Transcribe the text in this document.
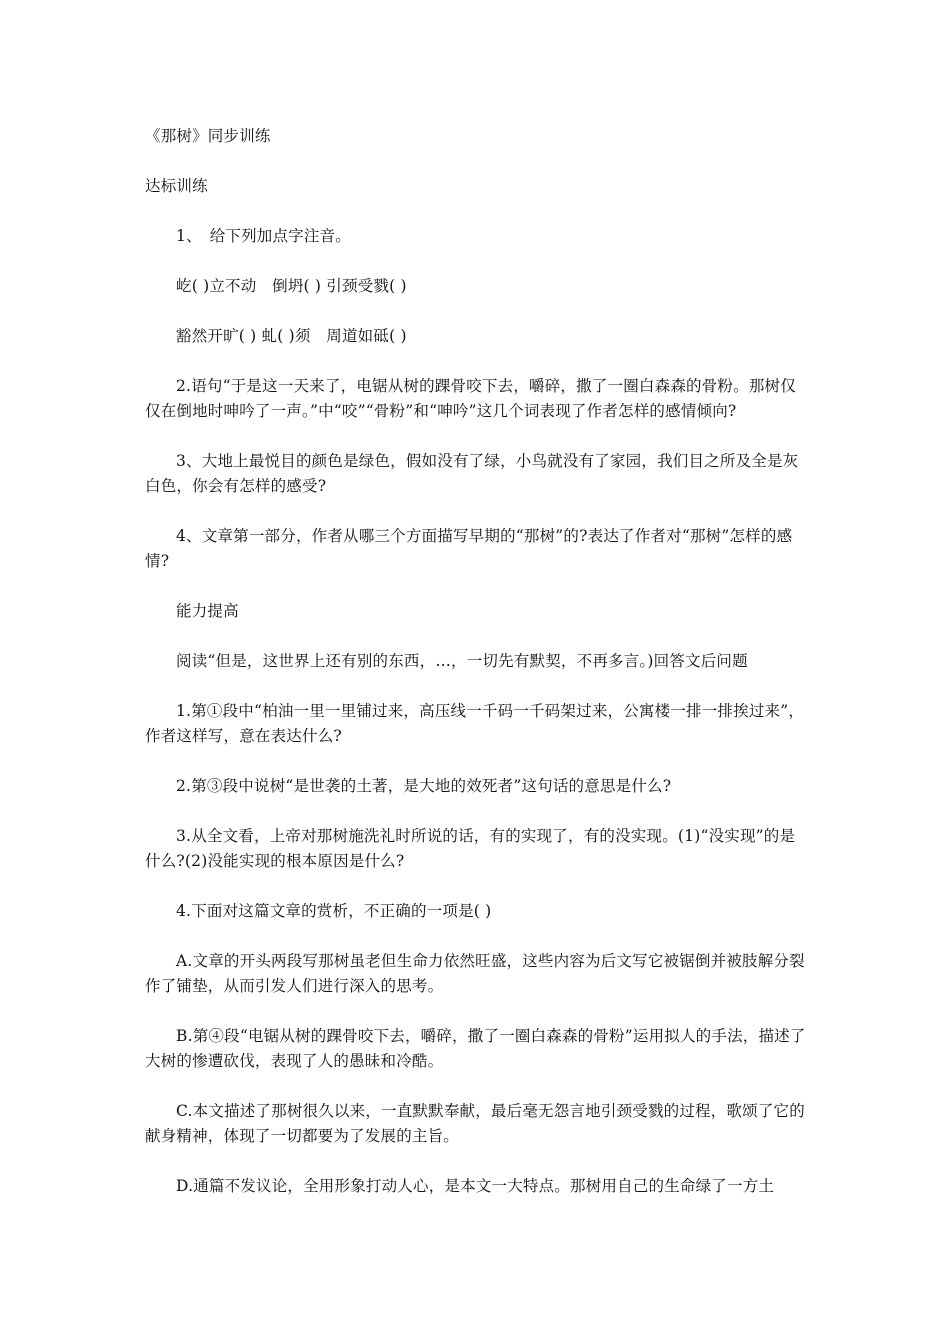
《那树》同步训练

达标训练

1、　给下列加点字注音。

屹( )立不动　倒坍( ) 引颈受戮( )

豁然开旷( ) 虬( )须　周道如砥( )

2.语句“于是这一天来了，电锯从树的踝骨咬下去，嚼碎，撒了一圈白森森的骨粉。那树仅仅在倒地时呻吟了一声。”中“咬”“骨粉”和“呻吟”这几个词表现了作者怎样的感情倾向?

3、大地上最悦目的颜色是绿色，假如没有了绿，小鸟就没有了家园，我们目之所及全是灰白色，你会有怎样的感受?

4、文章第一部分，作者从哪三个方面描写早期的“那树”的?表达了作者对“那树”怎样的感情?

能力提高

阅读“但是，这世界上还有别的东西，…，一切先有默契，不再多言。)回答文后问题

1.第①段中“柏油一里一里铺过来，高压线一千码一千码架过来，公寓楼一排一排挨过来”，作者这样写，意在表达什么?

2.第③段中说树“是世袭的土著，是大地的效死者”这句话的意思是什么?

3.从全文看，上帝对那树施洗礼时所说的话，有的实现了，有的没实现。(1)“没实现”的是什么?(2)没能实现的根本原因是什么?

4.下面对这篇文章的赏析，不正确的一项是( )

A.文章的开头两段写那树虽老但生命力依然旺盛，这些内容为后文写它被锯倒并被肢解分裂作了铺垫，从而引发人们进行深入的思考。

B.第④段“电锯从树的踝骨咬下去，嚼碎，撒了一圈白森森的骨粉”运用拟人的手法，描述了大树的惨遭砍伐，表现了人的愚昧和冷酷。

C.本文描述了那树很久以来，一直默默奉献，最后毫无怨言地引颈受戮的过程，歌颂了它的献身精神，体现了一切都要为了发展的主旨。

D.通篇不发议论，全用形象打动人心，是本文一大特点。那树用自己的生命绿了一方土
